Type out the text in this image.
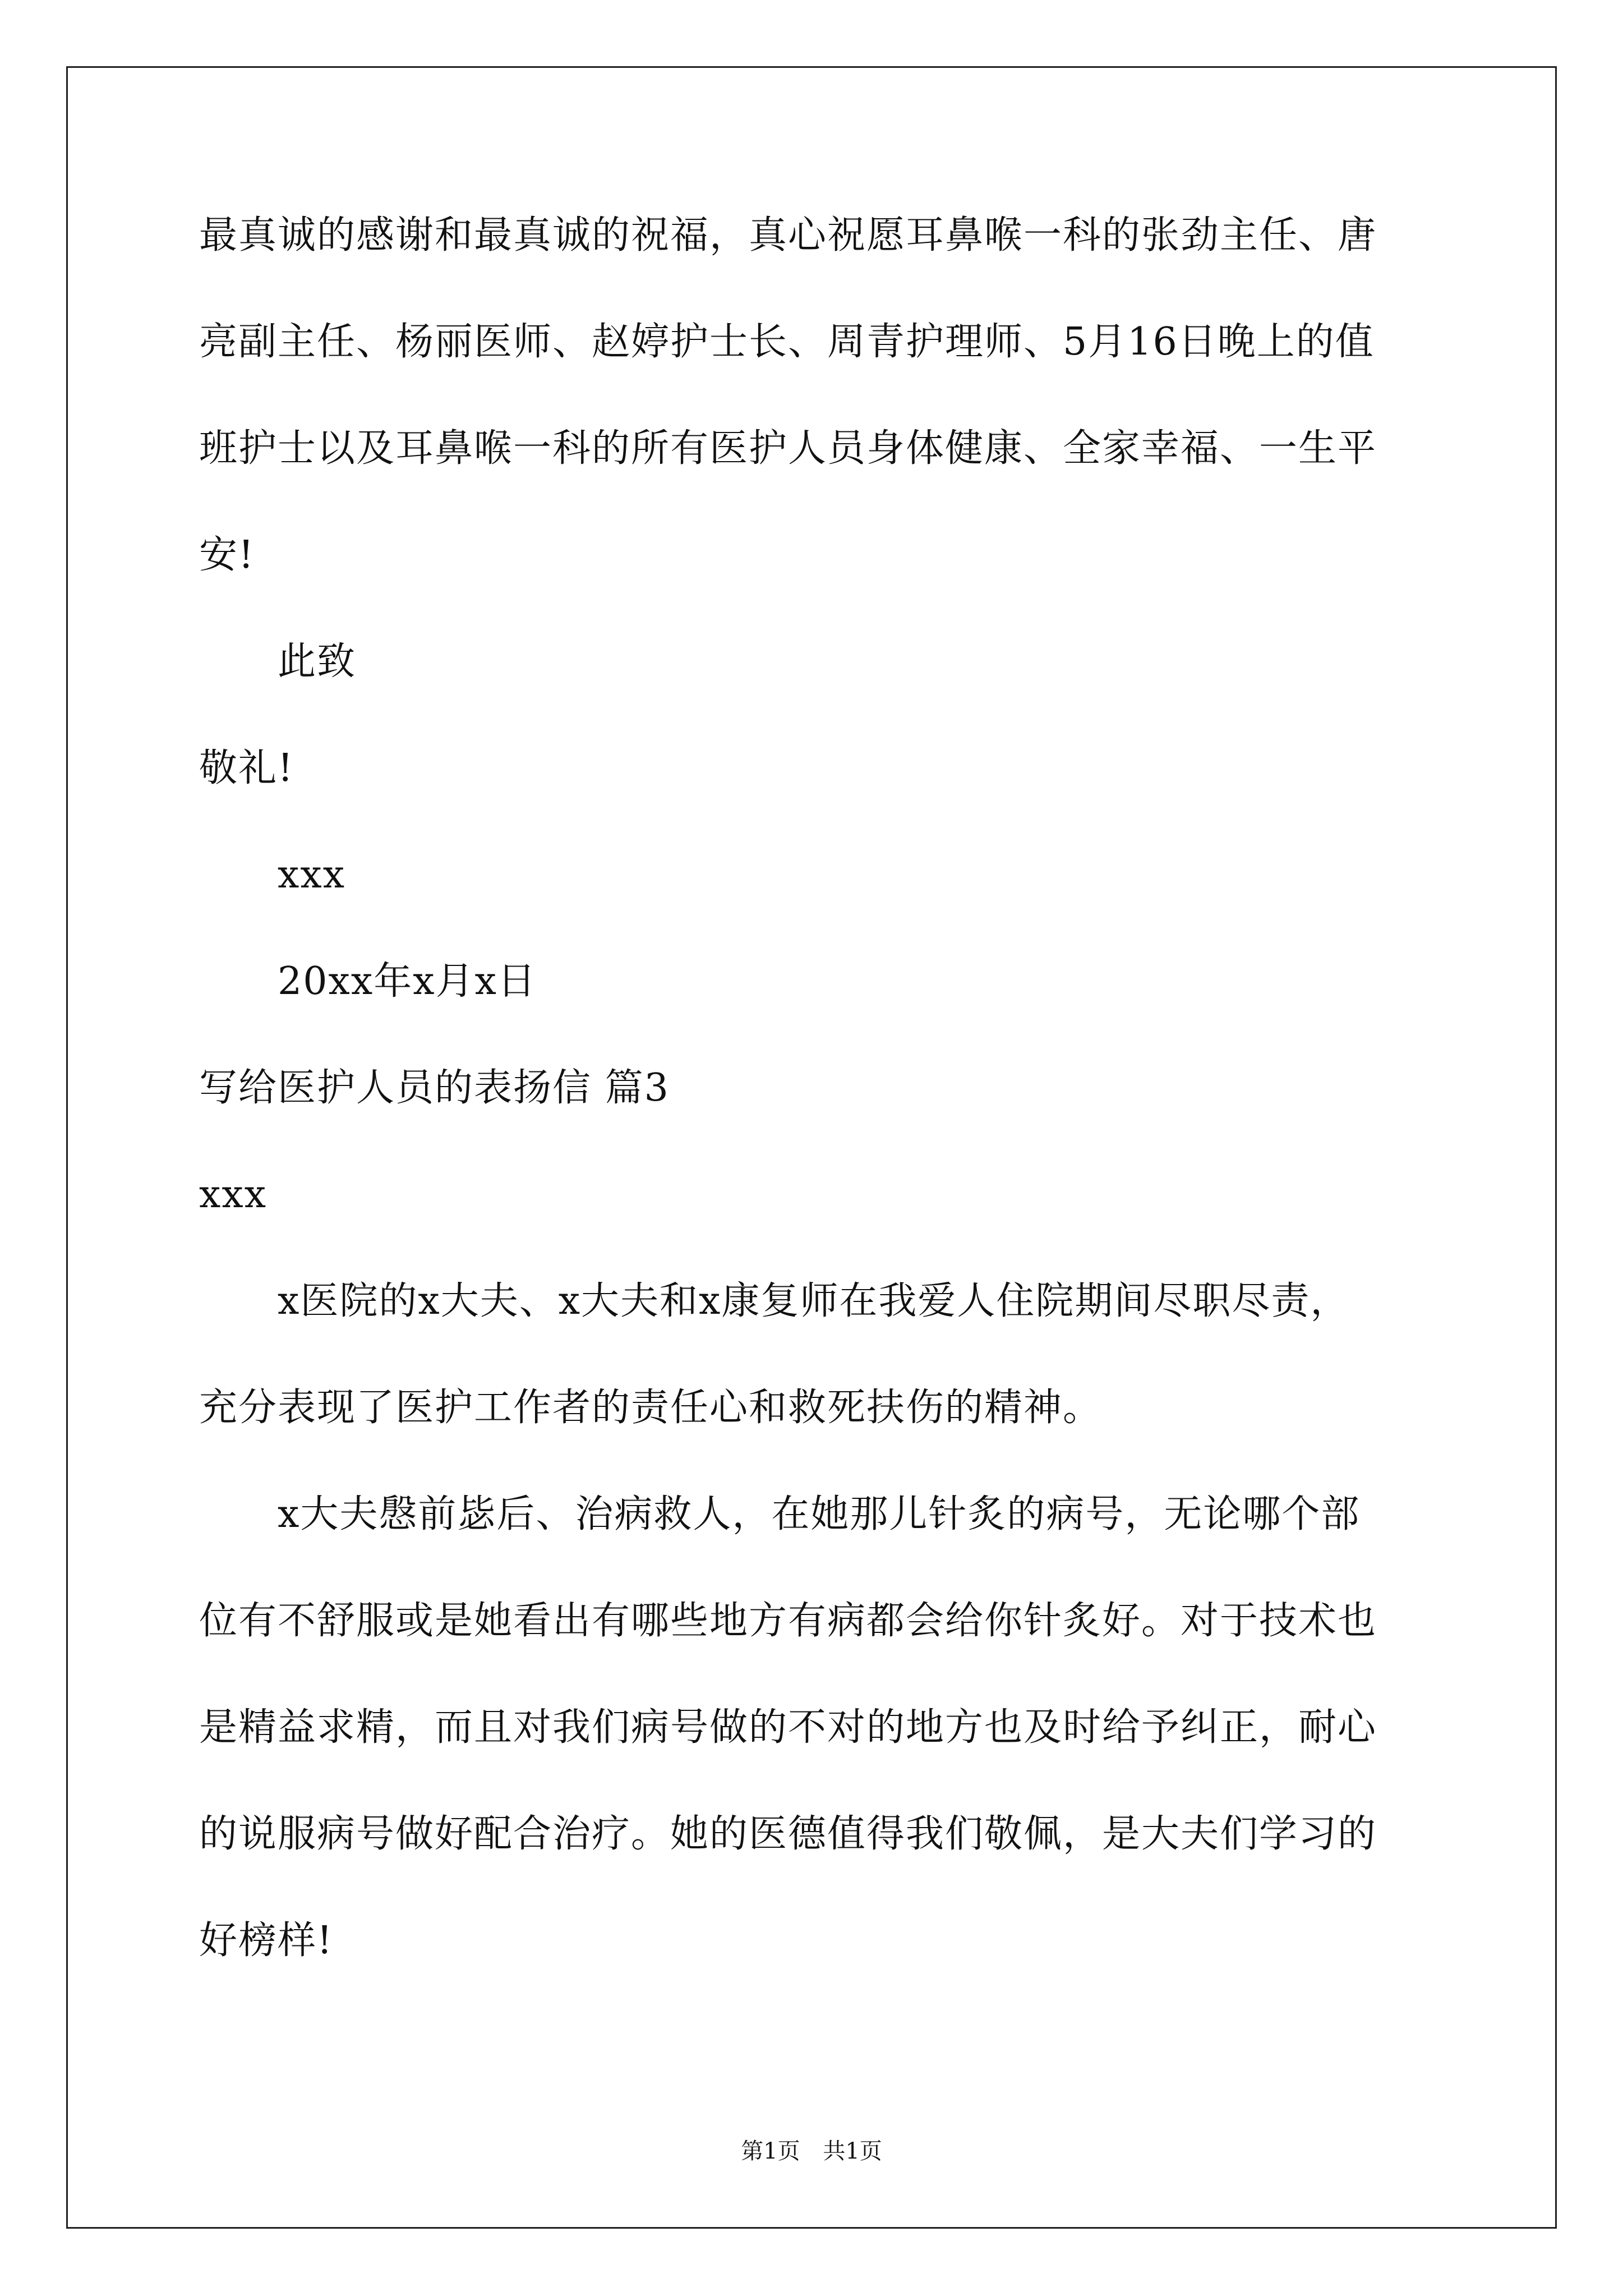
最真诚的感谢和最真诚的祝福，真心祝愿耳鼻喉一科的张劲主任、唐
亮副主任、杨丽医师、赵婷护士长、周青护理师、5月16日晚上的值
班护士以及耳鼻喉一科的所有医护人员身体健康、全家幸福、一生平
安!
此致
敬礼!
xxx
20xx年x月x日
写给医护人员的表扬信 篇3
xxx
x医院的x大夫、x大夫和x康复师在我爱人住院期间尽职尽责，
充分表现了医护工作者的责任心和救死扶伤的精神。
x大夫慇前毖后、治病救人，在她那儿针炙的病号，无论哪个部
位有不舒服或是她看出有哪些地方有病都会给你针炙好。对于技术也
是精益求精，而且对我们病号做的不对的地方也及时给予纠正，耐心
的说服病号做好配合治疗。她的医德值得我们敬佩，是大夫们学习的
好榜样!
第1页 共1页
